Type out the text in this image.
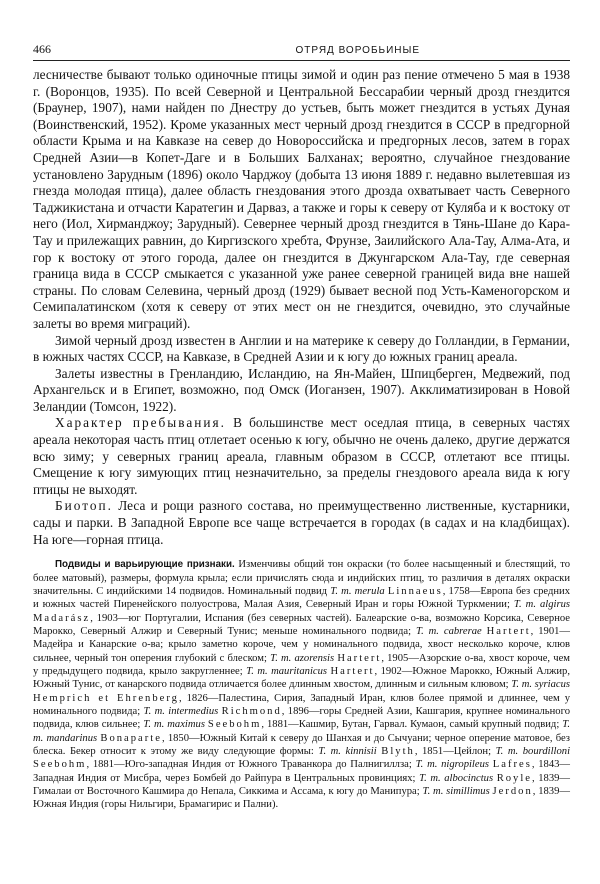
466	ОТРЯД ВОРОБЬИНЫЕ

лесничестве бывают только одиночные птицы зимой и один раз пение отмечено 5 мая в 1938 г. (Воронцов, 1935). По всей Северной и Центральной Бессарабии черный дрозд гнездится (Браунер, 1907), нами найден по Днестру до устьев, быть может гнездится в устьях Дуная (Воинственский, 1952). Кроме указанных мест черный дрозд гнездится в СССР в предгорной области Крыма и на Кавказе на север до Новороссийска и предгорных лесов, затем в горах Средней Азии—в Копет-Даге и в Больших Балханах; вероятно, случайное гнездование установлено Зарудным (1896) около Чарджоу (добыта 13 июня 1889 г. недавно вылетевшая из гнезда молодая птица), далее область гнездования этого дрозда охватывает часть Северного Таджикистана и отчасти Каратегин и Дарваз, а также и горы к северу от Куляба и к востоку от него (Иол, Хирманджоу; Зарудный). Севернее черный дрозд гнездится в Тянь-Шане до Кара-Тау и прилежащих равнин, до Киргизского хребта, Фрунзе, Заилийского Ала-Тау, Алма-Ата, и гор к востоку от этого города, далее он гнездится в Джунгарском Ала-Тау, где северная граница вида в СССР смыкается с указанной уже ранее северной границей вида вне нашей страны. По словам Селевина, черный дрозд (1929) бывает весной под Усть-Каменогорском и Семипалатинском (хотя к северу от этих мест он не гнездится, очевидно, это случайные залеты во время миграций).

Зимой черный дрозд известен в Англии и на материке к северу до Голландии, в Германии, в южных частях СССР, на Кавказе, в Средней Азии и к югу до южных границ ареала.

Залеты известны в Гренландию, Исландию, на Ян-Майен, Шпицберген, Медвежий, под Архангельск и в Египет, возможно, под Омск (Иоганзен, 1907). Акклиматизирован в Новой Зеландии (Томсон, 1922).

Характер пребывания. В большинстве мест оседлая птица, в северных частях ареала некоторая часть птиц отлетает осенью к югу, обычно не очень далеко, другие держатся всю зиму; у северных границ ареала, главным образом в СССР, отлетают все птицы. Смещение к югу зимующих птиц незначительно, за пределы гнездового ареала вида к югу птицы не выходят.

Биотоп. Леса и рощи разного состава, но преимущественно лиственные, кустарники, сады и парки. В Западной Европе все чаще встречается в городах (в садах и на кладбищах). На юге—горная птица.

Подвиды и варьирующие признаки. Изменчивы общий тон окраски (то более насыщенный и блестящий, то более матовый), размеры, формула крыла; если причислять сюда и индийских птиц, то различия в деталях окраски значительны. С индийскими 14 подвидов. Номинальный подвид T. m. merula Linnaeus, 1758—Европа без средних и южных частей Пиренейского полуострова, Малая Азия, Северный Иран и горы Южной Туркмении; T. m. algirus Madarász, 1903—юг Португалии, Испания (без северных частей). Балеарские о-ва, возможно Корсика, Северное Марокко, Северный Алжир и Северный Тунис; меньше номинального подвида; T. m. cabrerae Hartert, 1901—Мадейра и Канарские о-ва; крыло заметно короче, чем у номинального подвида, хвост несколько короче, клюв сильнее, черный тон оперения глубокий с блеском; T. m. azorensis Hartert, 1905—Азорские о-ва, хвост короче, чем у предыдущего подвида, крыло закругленнее; T. m. mauritanicus Hartert, 1902—Южное Марокко, Южный Алжир, Южный Тунис, от канарского подвида отличается более длинным хвостом, длинным и сильным клювом; T. m. syriacus Hemprich et Ehrenberg, 1826—Палестина, Сирия, Западный Иран, клюв более прямой и длиннее, чем у номинального подвида; T. m. intermedius Richmond, 1896—горы Средней Азии, Кашгария, крупнее номинального подвида, клюв сильнее; T. m. maximus Seebohm, 1881—Кашмир, Бутан, Гарвал. Кумаон, самый крупный подвид; T. m. mandarinus Bonaparte, 1850—Южный Китай к северу до Шанхая и до Сычуани; черное оперение матовое, без блеска. Бекер относит к этому же виду следующие формы: T. m. kinnisii Blyth, 1851—Цейлон; T. m. bourdilloni Seebohm, 1881—Юго-западная Индия от Южного Траванкора до Палнигиллза; T. m. nigropileus Lafres, 1843—Западная Индия от Мисбра, через Бомбей до Райпура в Центральных провинциях; T. m. albocinctus Royle, 1839—Гималаи от Восточного Кашмира до Непала, Сиккима и Ассама, к югу до Манипура; T. m. simillimus Jerdon, 1839—Южная Индия (горы Нильгири, Брамагирис и Пални).
